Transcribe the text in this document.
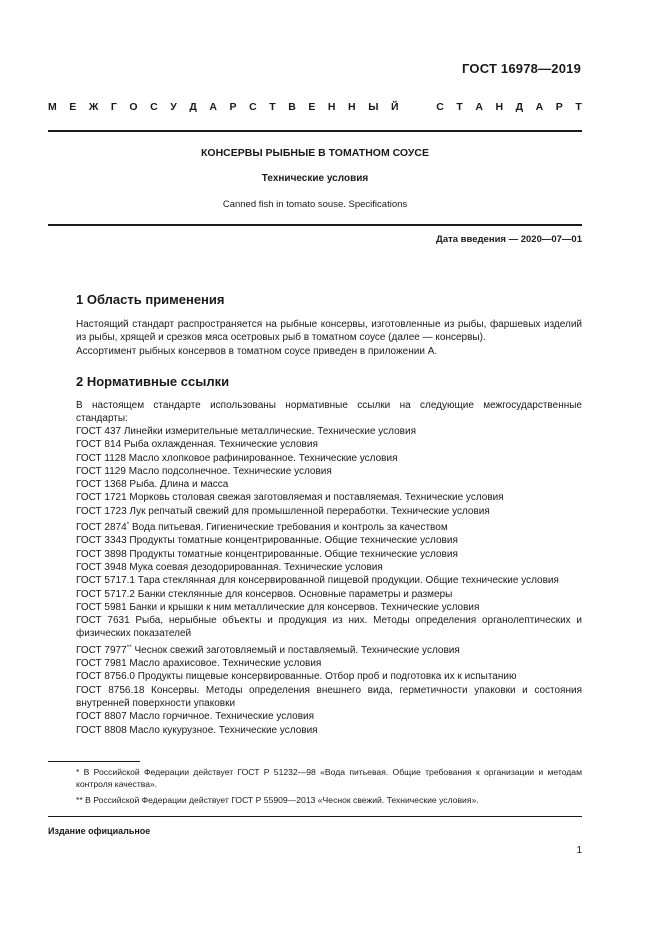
ГОСТ 16978—2019
М Е Ж Г О С У Д А Р С Т В Е Н Н Ы Й	С Т А Н Д А Р Т
КОНСЕРВЫ РЫБНЫЕ В ТОМАТНОМ СОУСЕ
Технические условия
Canned fish in tomato souse. Specifications
Дата введения — 2020—07—01
1 Область применения
Настоящий стандарт распространяется на рыбные консервы, изготовленные из рыбы, фаршевых изделий из рыбы, хрящей и срезков мяса осетровых рыб в томатном соусе (далее — консервы).
Ассортимент рыбных консервов в томатном соусе приведен в приложении А.
2 Нормативные ссылки
В настоящем стандарте использованы нормативные ссылки на следующие межгосударственные стандарты:
ГОСТ 437 Линейки измерительные металлические. Технические условия
ГОСТ 814 Рыба охлажденная. Технические условия
ГОСТ 1128 Масло хлопковое рафинированное. Технические условия
ГОСТ 1129 Масло подсолнечное. Технические условия
ГОСТ 1368 Рыба. Длина и масса
ГОСТ 1721 Морковь столовая свежая заготовляемая и поставляемая. Технические условия
ГОСТ 1723 Лук репчатый свежий для промышленной переработки. Технические условия
ГОСТ 2874* Вода питьевая. Гигиенические требования и контроль за качеством
ГОСТ 3343 Продукты томатные концентрированные. Общие технические условия
ГОСТ 3898 Продукты томатные концентрированные. Общие технические условия
ГОСТ 3948 Мука соевая дезодорированная. Технические условия
ГОСТ 5717.1 Тара стеклянная для консервированной пищевой продукции. Общие технические условия
ГОСТ 5717.2 Банки стеклянные для консервов. Основные параметры и размеры
ГОСТ 5981 Банки и крышки к ним металлические для консервов. Технические условия
ГОСТ 7631 Рыба, нерыбные объекты и продукция из них. Методы определения органолептических и физических показателей
ГОСТ 7977** Чеснок свежий заготовляемый и поставляемый. Технические условия
ГОСТ 7981 Масло арахисовое. Технические условия
ГОСТ 8756.0 Продукты пищевые консервированные. Отбор проб и подготовка их к испытанию
ГОСТ 8756.18 Консервы. Методы определения внешнего вида, герметичности упаковки и состояния внутренней поверхности упаковки
ГОСТ 8807 Масло горчичное. Технические условия
ГОСТ 8808 Масло кукурузное. Технические условия
* В Российской Федерации действует ГОСТ Р 51232—98 «Вода питьевая. Общие требования к организации и методам контроля качества».
** В Российской Федерации действует ГОСТ Р 55909—2013 «Чеснок свежий. Технические условия».
Издание официальное
1
